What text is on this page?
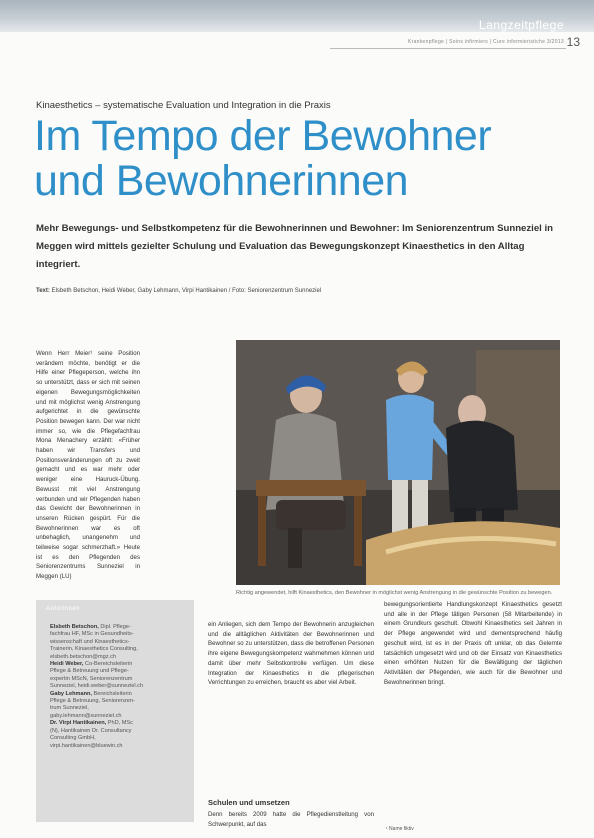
Langzeitpflege
Krankenpflege | Soins infirmiers | Cure infermieristiche 3/2013 13
Kinaesthetics – systematische Evaluation und Integration in die Praxis
Im Tempo der Bewohner
und Bewohnerinnen

Mehr Bewegungs- und Selbstkompetenz für die Bewohnerinnen und Bewohner: Im Seniorenzentrum Sunneziel in Meggen wird mittels gezielter Schulung und Evaluation das Bewegungskonzept Kinaesthetics in den Alltag integriert.

Text: Elsbeth Betschon, Heidi Weber, Gaby Lehmann, Virpi Hantikainen / Foto: Seniorenzentrum Sunneziel

Wenn Herr Meier¹ seine Position verändern möchte, benötigt er die Hilfe einer Pflegeperson, welche ihn so unterstützt, dass er sich mit seinen eigenen Bewegungsmöglichkeiten und mit möglichst wenig Anstrengung aufgerichtet in die gewünschte Position bewegen kann. Der war nicht immer so, wie die Pflegefachfrau Mona Menachery erzählt: «Früher haben wir Transfers und Positionsveränderungen oft zu zweit gemacht und es war mehr oder weniger eine Hauruck-Übung. Bewusst mit viel Anstrengung verbunden und wir Pflegenden haben das Gewicht der Bewohnerinnen in unseren Rücken gespürt. Für die Bewohnerinnen war es oft unbehaglich, unangenehm und teilweise sogar schmerzhaft.» Heute ist es den Pflegenden des Seniorenzentrums Sunneziel in Meggen (LU)

Richtig angewendet, hilft Kinaesthetics, den Bewohner in möglichst wenig Anstrengung in die gewünschte Position zu bewegen.

Autorinnen
Elsbeth Betschon, Dipl. Pflege-
fachfrau HF, MSc in Gesundheits-
wissenschaft und Kinaesthetics-
Trainerin, Kinaesthetics Consulting,
elsbeth.betschon@mgz.ch
Heidi Weber, Co-Bereichsleiterin
Pflege & Betreuung und Pflege-
expertin MScN, Seniorenzentrum
Sunneziel, heidi.weber@sunneziel.ch
Gaby Lehmann, Bereichsleiterin
Pflege & Betreuung, Seniorenzen-
trum Sunneziel,
gaby.lehmann@sunneziel.ch
Dr. Virpi Hantikainen, PhD, MSc
(N), Hantikainen Dr. Consultancy
Consulting GmbH,
virpi.hantikainen@bluewin.ch

ein Anliegen, sich dem Tempo der Bewohnerin anzugleichen und die alltäglichen Aktivitäten der Bewohnerinnen und Bewohner so zu unterstützen, dass die betroffenen Personen ihre eigene Bewegungskompetenz wahrnehmen können und damit über mehr Selbstkontrolle verfügen. Um diese Integration der Kinaesthetics in die pflegerischen Verrichtungen zu erreichen, braucht es aber viel Arbeit.

Schulen und umsetzen

Denn bereits 2009 hatte die Pflegedienstleitung von Schwerpunkt, auf das

bewegungsorientierte Handlungskonzept Kinaesthetics gesetzt und alle in der Pflege tätigen Personen (58 Mitarbeitende) in einem Grundkurs geschult. Obwohl Kinaesthetics seit Jahren in der Pflege angewendet wird und dementsprechend häufig geschult wird, ist es in der Praxis oft unklar, ob das Gelernte tatsächlich umgesetzt wird und ob der Einsatz von Kinaesthetics einen erhöhten Nutzen für die Bewältigung der täglichen Aktivitäten der Pflegenden, wie auch für die Bewohner und Bewohnerinnen bringt.

¹ Name fiktiv
